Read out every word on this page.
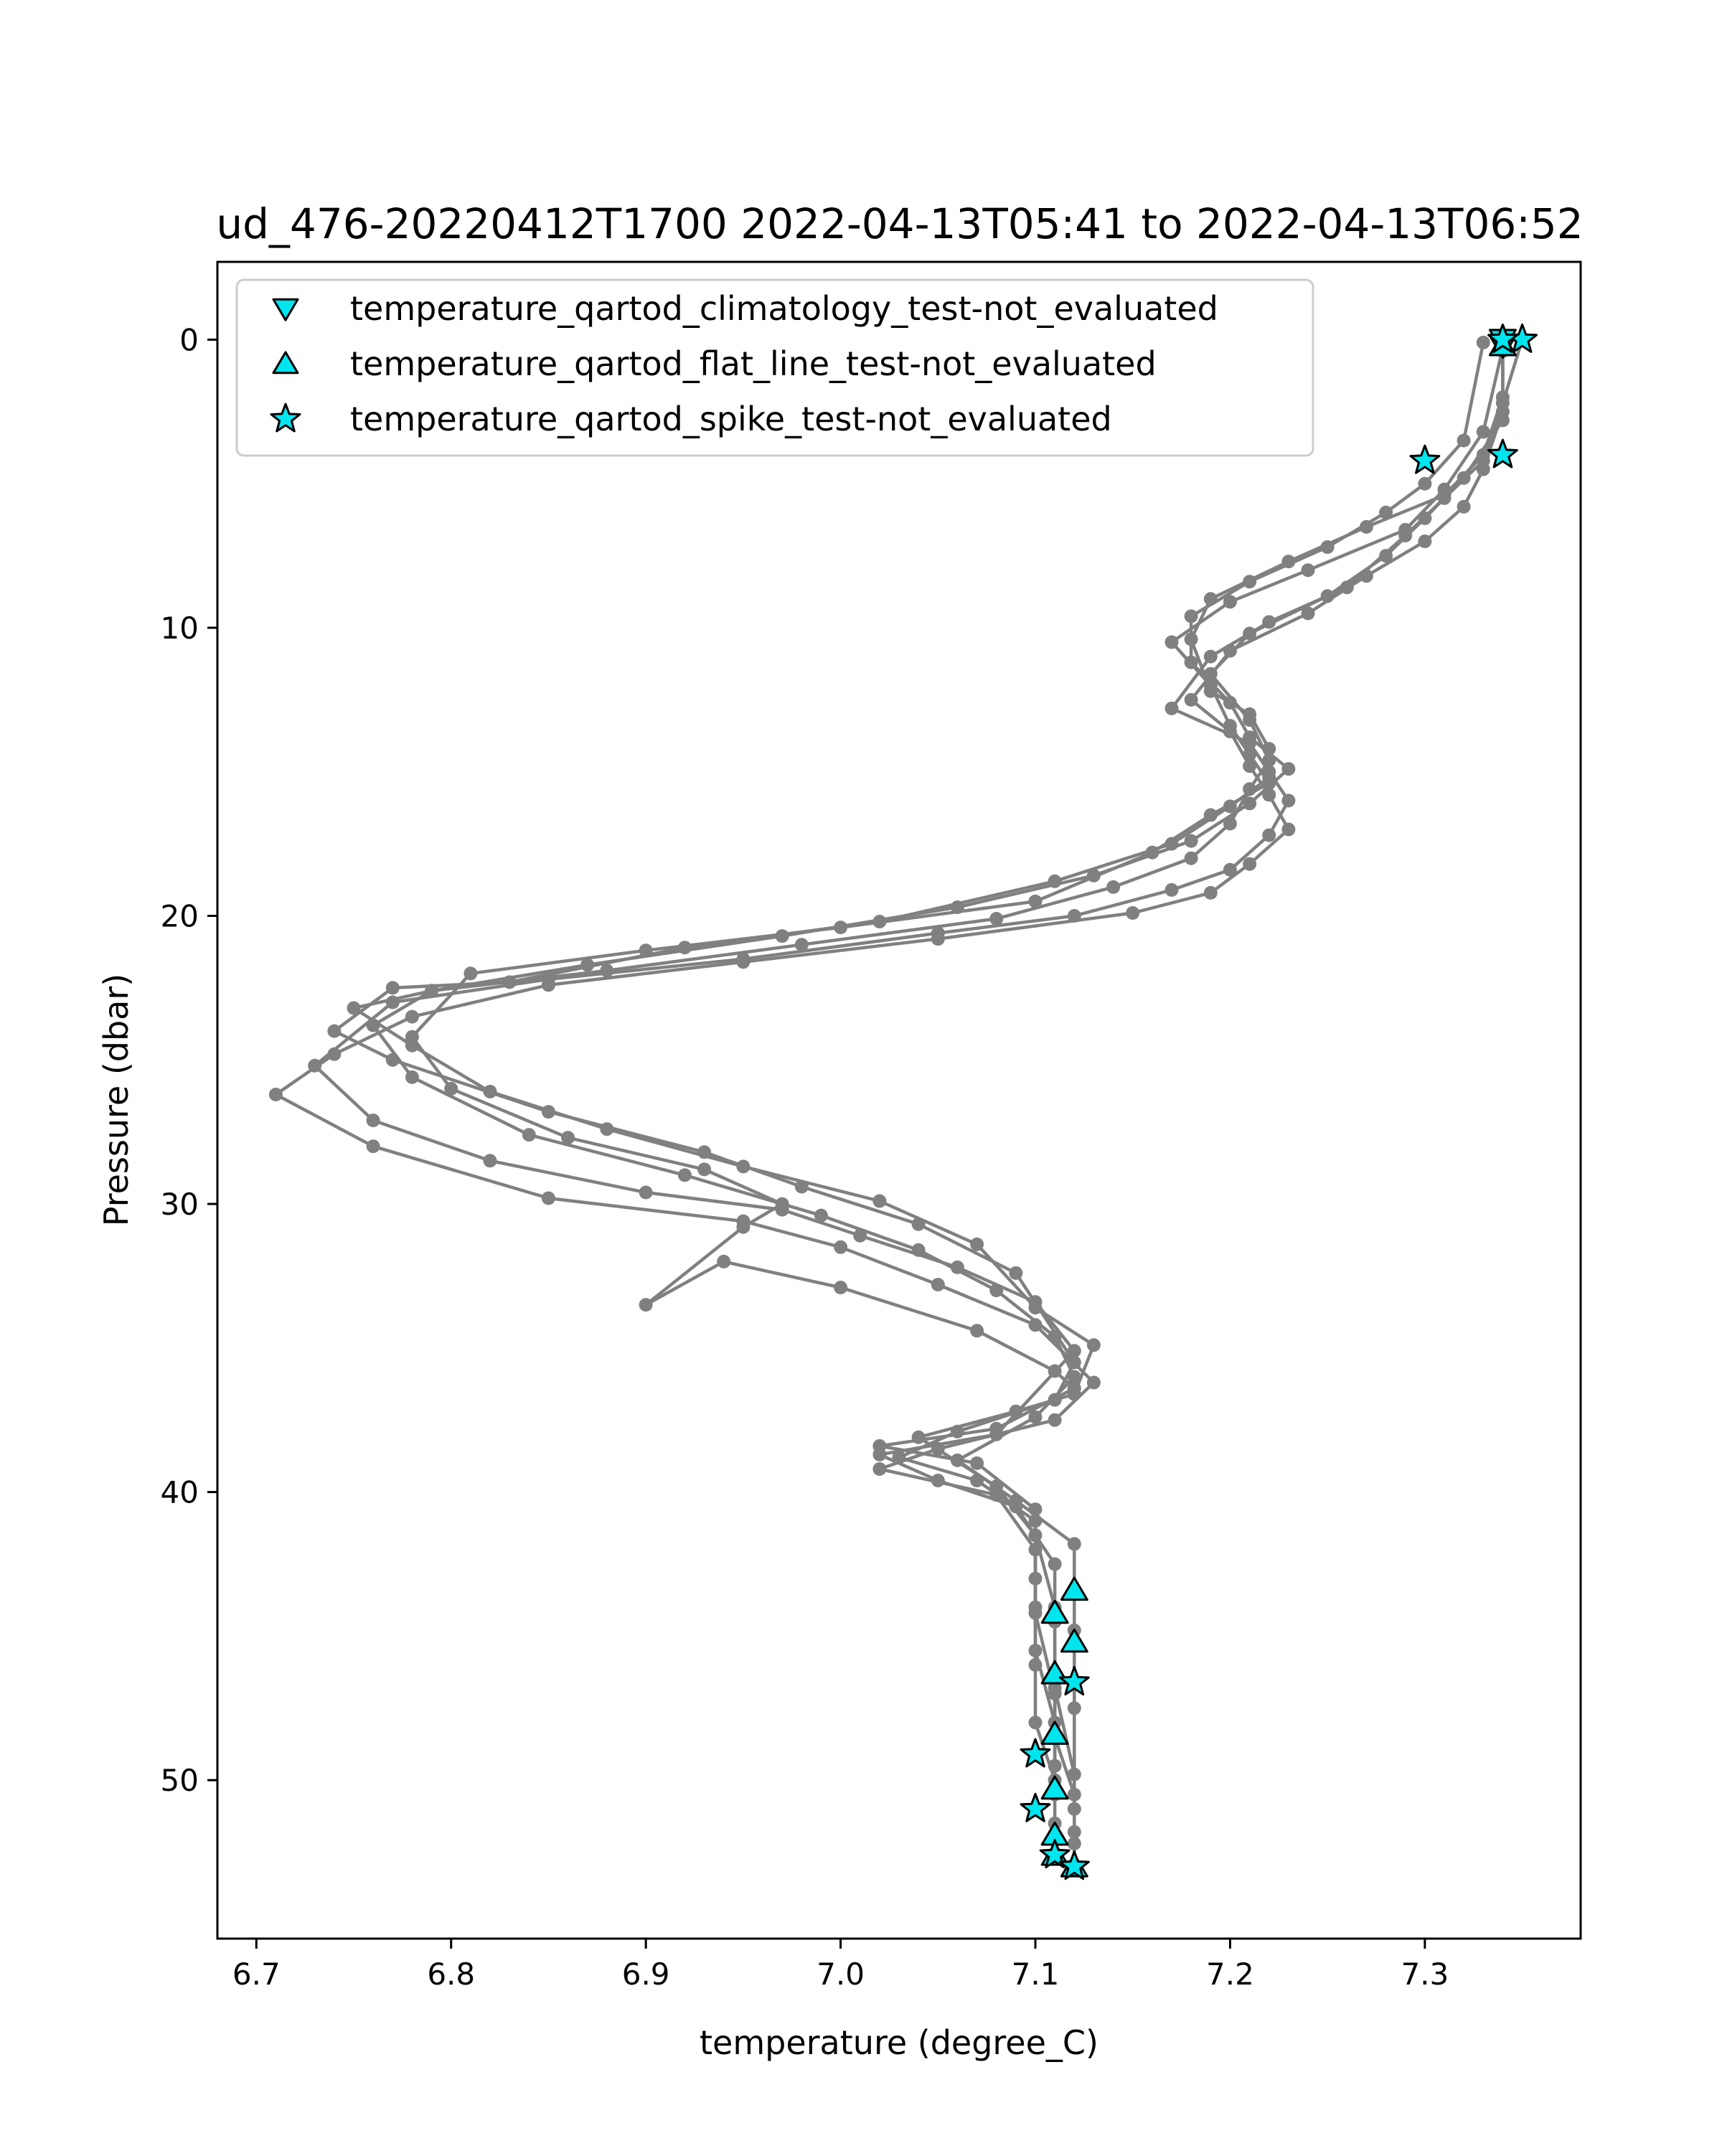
ud_476-20220412T1700 2022-04-13T05:41 to 2022-04-13T06:52
6.7	6.8	6.9	7.0	7.1	7.2	7.3
0
10
20
30
40
50
temperature (degree_C)
Pressure (dbar)
temperature_qartod_climatology_test-not_evaluated
temperature_qartod_flat_line_test-not_evaluated
temperature_qartod_spike_test-not_evaluated
